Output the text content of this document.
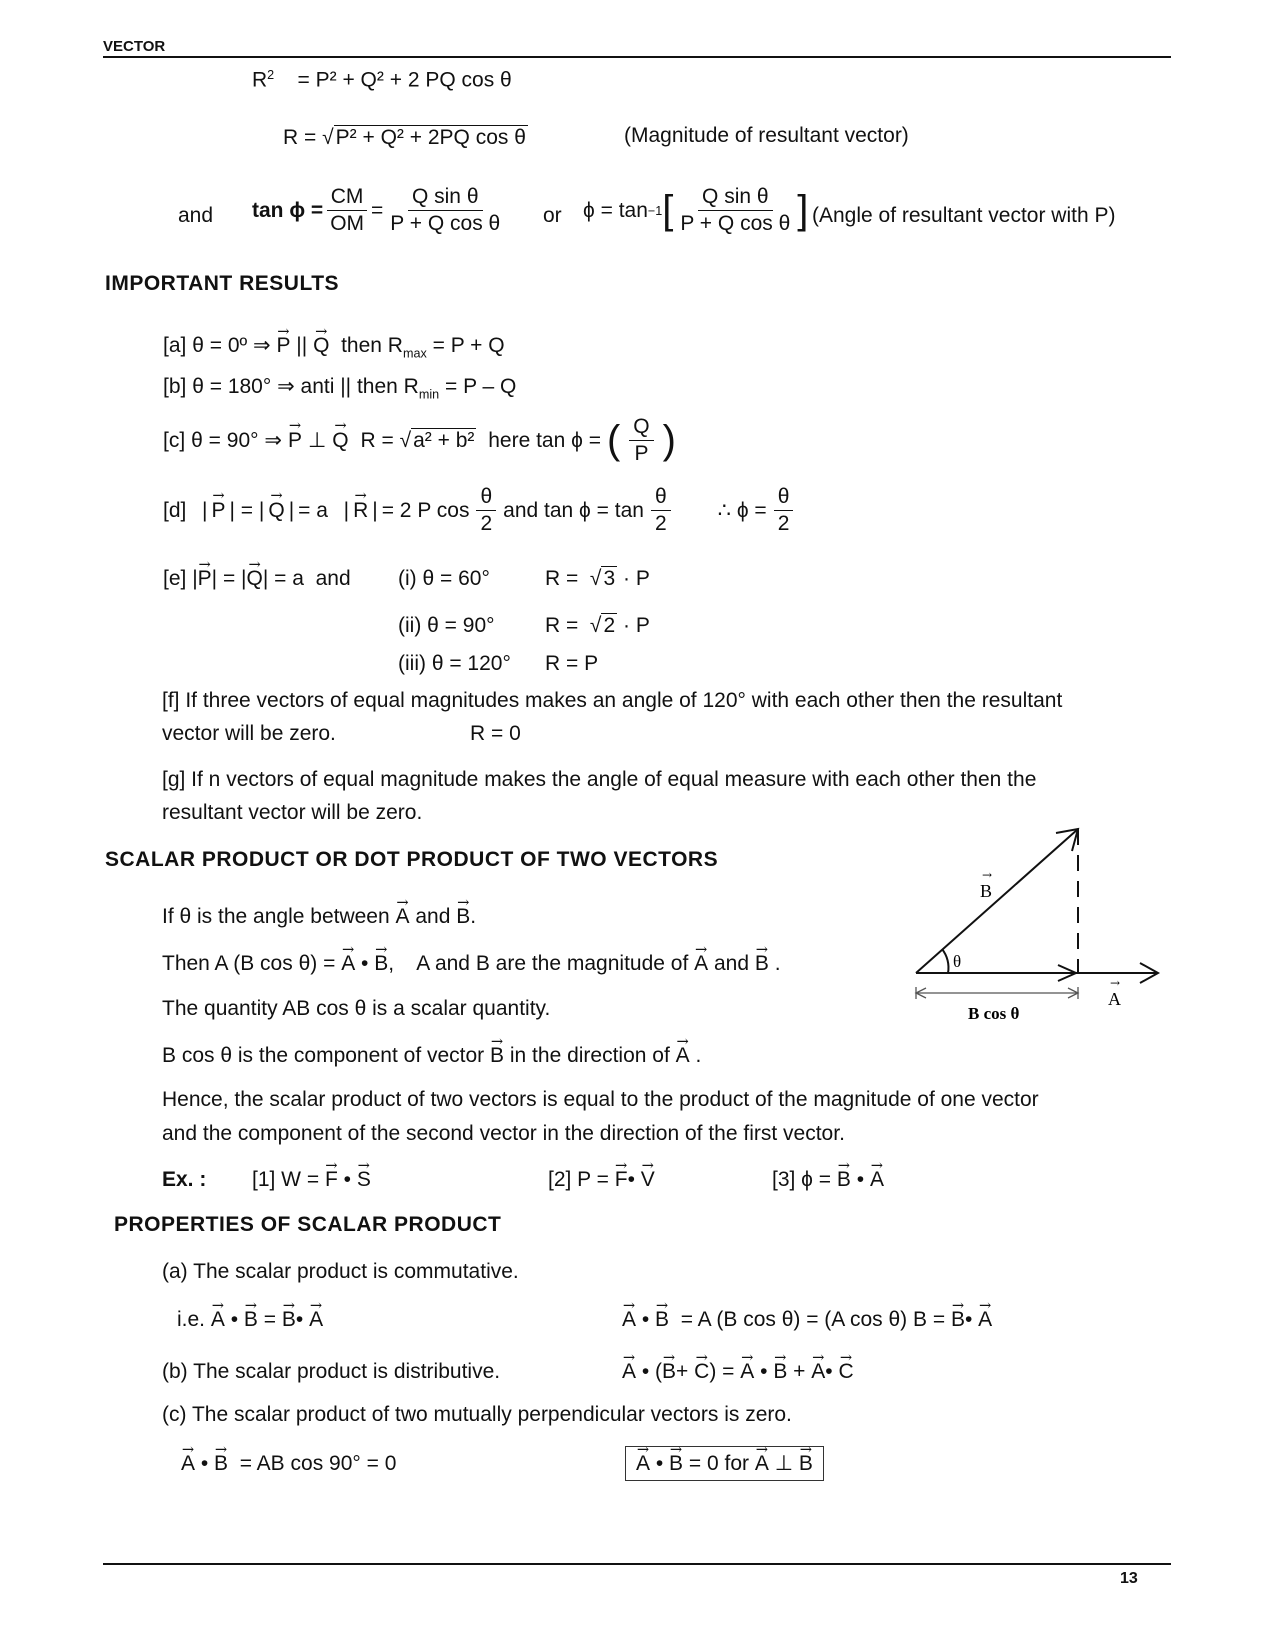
VECTOR
$R^2 = P^2 + Q^2 + 2$ PQ cos θ
R = √P² + Q² + 2PQ cos θ	(Magnitude of resultant vector)
and $\tan \phi = \frac{CM}{OM} = \frac{\text{Q sin θ}}{\text{P + Q cos θ}}$ or ϕ = tan −1 [ $\frac{\text{Q sin θ}}{\text{P + Q cos θ}}$ ] (Angle of resultant vector with P)
IMPORTANT RESULTS
[a] θ = 0º ⇒ → P || → Q then $R_{max} = P + Q$
[b] θ = 180° ⇒ anti || then $R_{min} = P - Q$
[c] θ = 90° ⇒ → P ⊥ → Q R = √a² + b² here tan ϕ = ( $\frac{Q}{P}$ )
[d] | → P | = | → Q | = a | → R | = 2 P $\cos \frac{\theta}{2}$ and $\tan \phi = \tan \frac{\theta}{2}$ ∴ $\phi = \frac{\theta}{2}$
[e] |→ P| = |→ Q| = a and (i) θ = 60°	R =  √3 · P
(ii) θ = 90° R =  √2 · P
(iii) θ = 120° R = P
[f] If three vectors of equal magnitudes makes an angle of 120° with each other then the resultant
vector will be zero.	R = 0
[g] If n vectors of equal magnitude makes the angle of equal measure with each other then the
resultant vector will be zero.
SCALAR PRODUCT OR DOT PRODUCT OF TWO VECTORS
If θ is the angle between → A and → B.
Then A (B cos θ) = → A • → B,    A and B are the magnitude of → A and → B .
The quantity AB cos θ is a scalar quantity.
B cos θ is the component of vector → B in the direction of → A .
Hence, the scalar product of two vectors is equal to the product of the magnitude of one vector
and the component of the second vector in the direction of the first vector.
Ex. : [1] W = → F • → S	[2] P = → F• → V	[3] ϕ = → B • → A
B
→
θ
A
→
B cos θ
PROPERTIES OF SCALAR PRODUCT
(a) The scalar product is commutative.
i.e. → A • → B = → B• → A	→ A • → B = A (B cos θ) = (A cos θ) B = → B• → A
(b) The scalar product is distributive.	→ A • (→ B+ → C) = → A • → B + → A• → C
(c) The scalar product of two mutually perpendicular vectors is zero.
→ A • → B = AB cos 90° = 0	→ A • → B = 0 for → A ⊥ → B
13
